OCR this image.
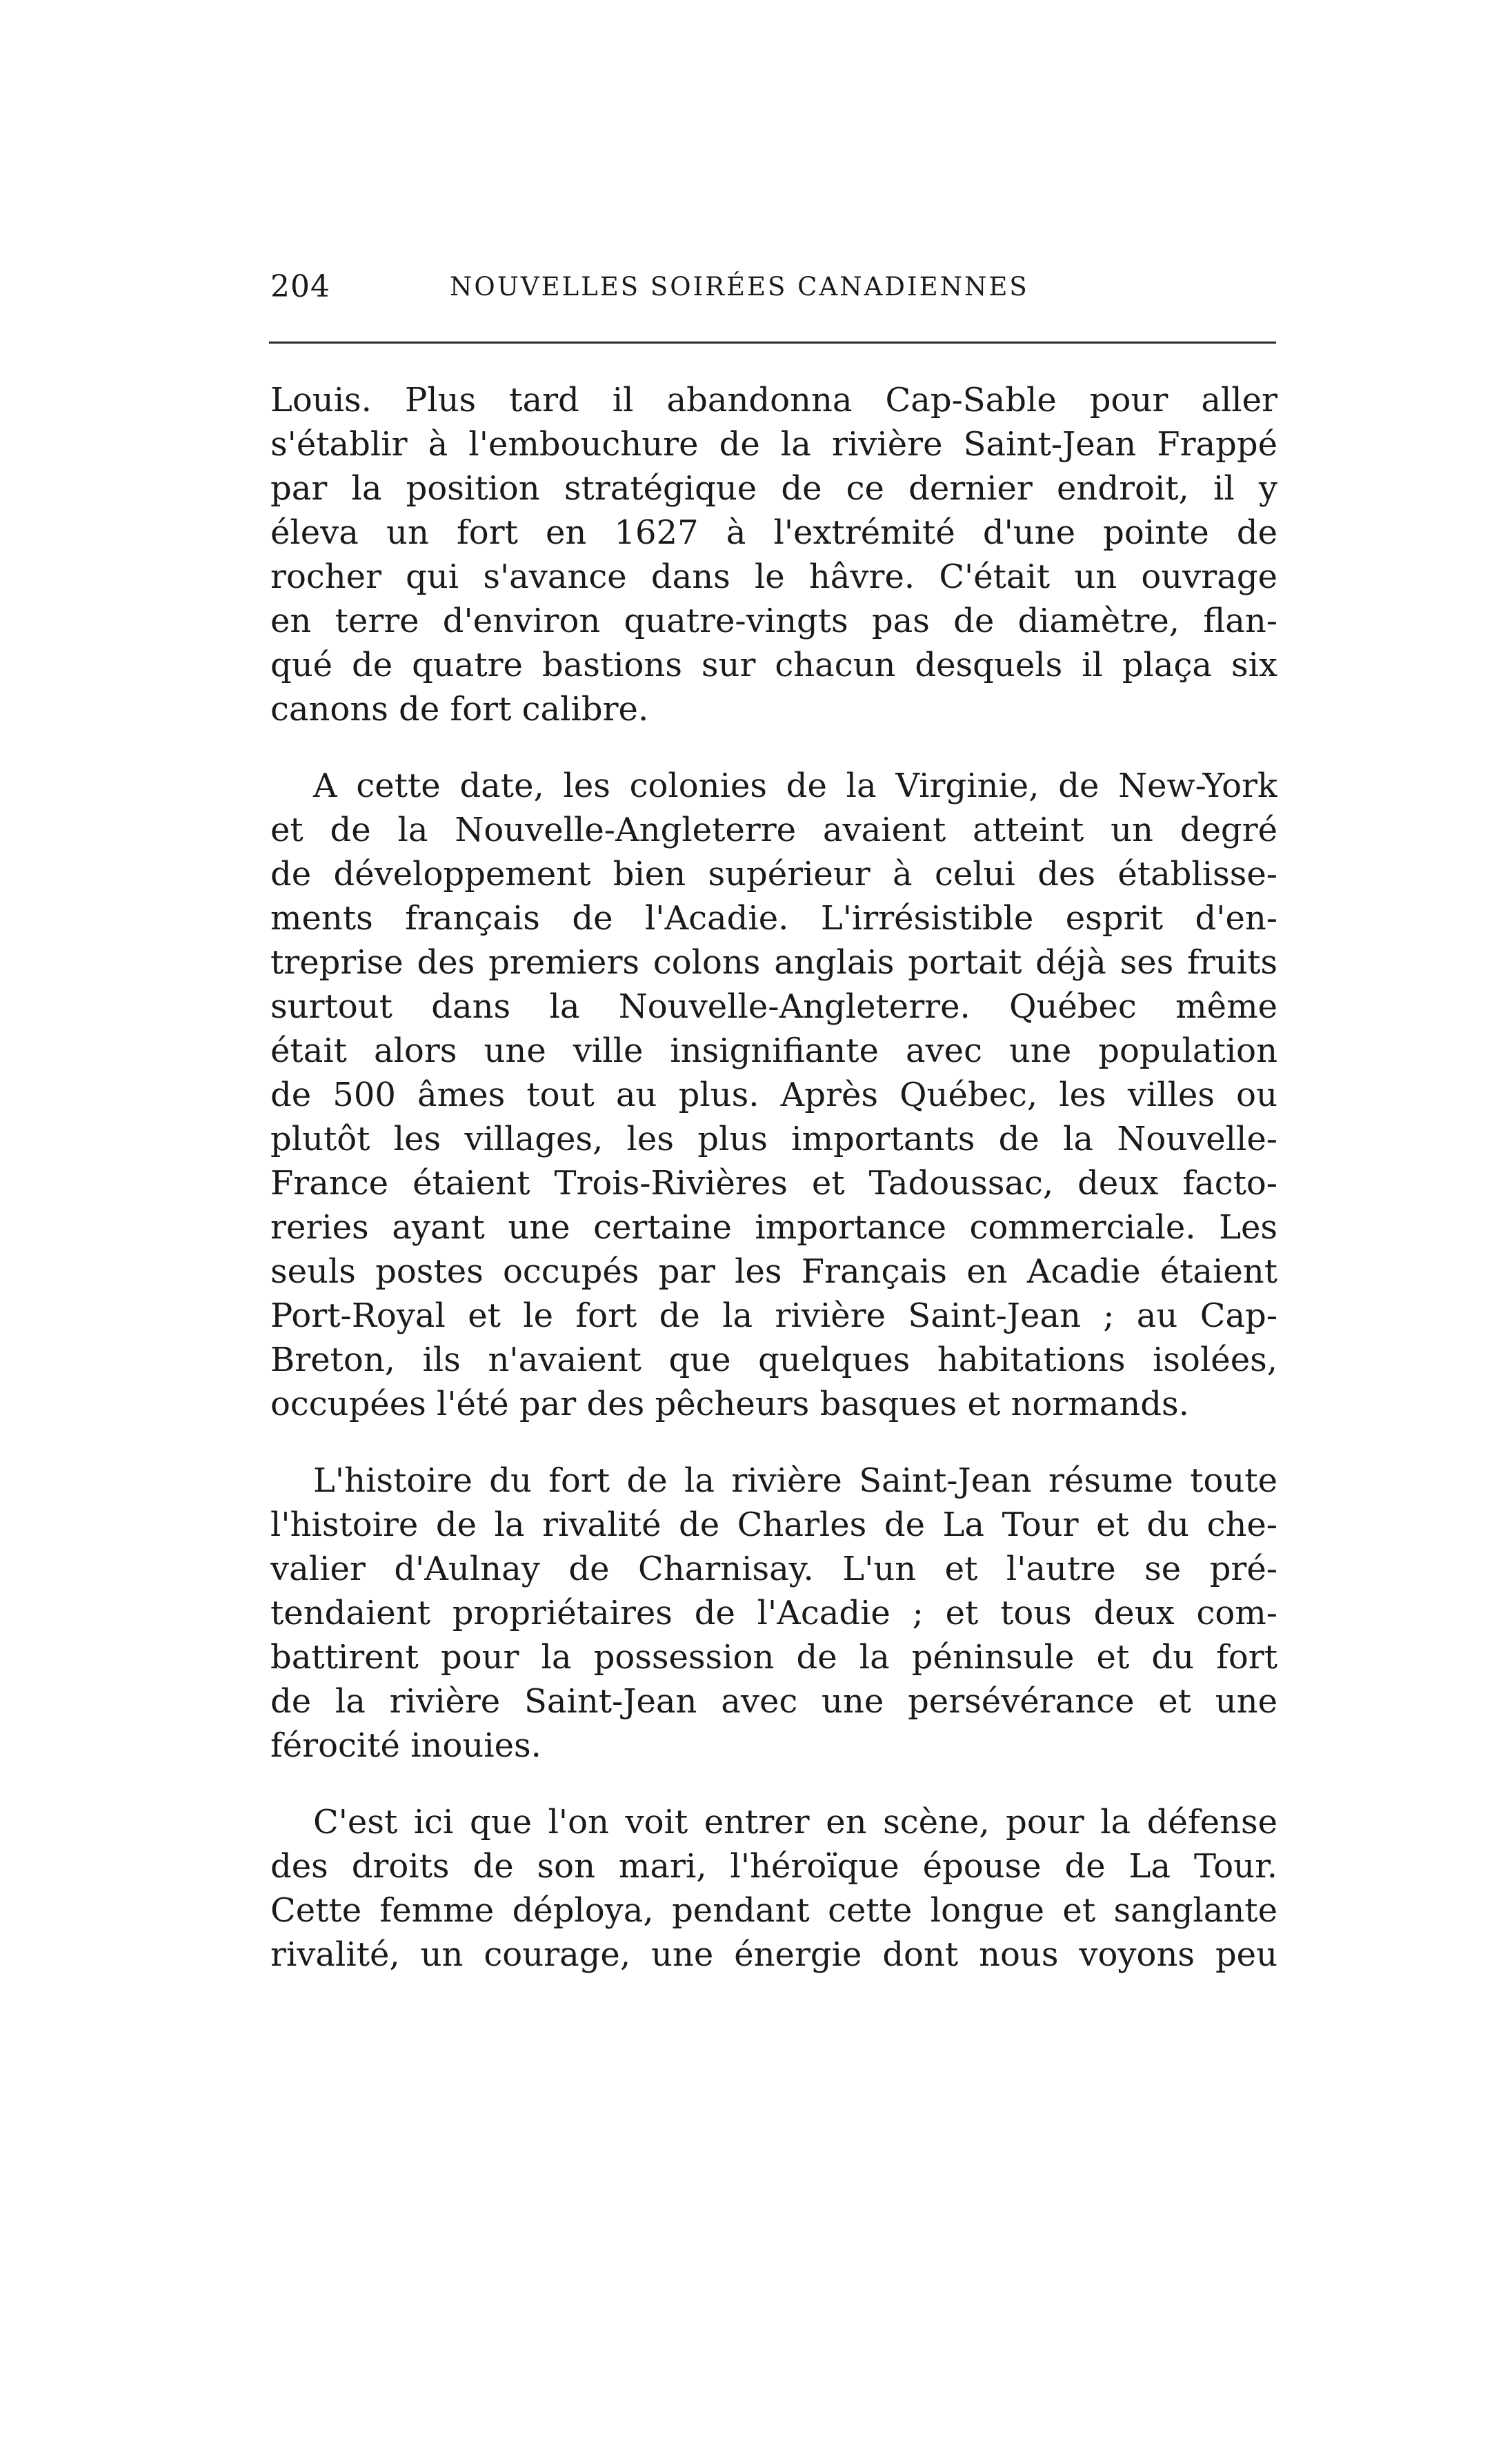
204	NOUVELLES SOIRÉES CANADIENNES
Louis. Plus tard il abandonna Cap-Sable pour aller
s'établir à l'embouchure de la rivière Saint-Jean Frappé
par la position stratégique de ce dernier endroit, il y
éleva un fort en 1627 à l'extrémité d'une pointe de
rocher qui s'avance dans le hâvre. C'était un ouvrage
en terre d'environ quatre-vingts pas de diamètre, flan-
qué de quatre bastions sur chacun desquels il plaça six
canons de fort calibre.
A cette date, les colonies de la Virginie, de New-York
et de la Nouvelle-Angleterre avaient atteint un degré
de développement bien supérieur à celui des établisse-
ments français de l'Acadie. L'irrésistible esprit d'en-
treprise des premiers colons anglais portait déjà ses fruits
surtout dans la Nouvelle-Angleterre. Québec même
était alors une ville insignifiante avec une population
de 500 âmes tout au plus. Après Québec, les villes ou
plutôt les villages, les plus importants de la Nouvelle-
France étaient Trois-Rivières et Tadoussac, deux facto-
reries ayant une certaine importance commerciale. Les
seuls postes occupés par les Français en Acadie étaient
Port-Royal et le fort de la rivière Saint-Jean ; au Cap-
Breton, ils n'avaient que quelques habitations isolées,
occupées l'été par des pêcheurs basques et normands.
L'histoire du fort de la rivière Saint-Jean résume toute
l'histoire de la rivalité de Charles de La Tour et du che-
valier d'Aulnay de Charnisay. L'un et l'autre se pré-
tendaient propriétaires de l'Acadie ; et tous deux com-
battirent pour la possession de la péninsule et du fort
de la rivière Saint-Jean avec une persévérance et une
férocité inouies.
C'est ici que l'on voit entrer en scène, pour la défense
des droits de son mari, l'héroïque épouse de La Tour.
Cette femme déploya, pendant cette longue et sanglante
rivalité, un courage, une énergie dont nous voyons peu
